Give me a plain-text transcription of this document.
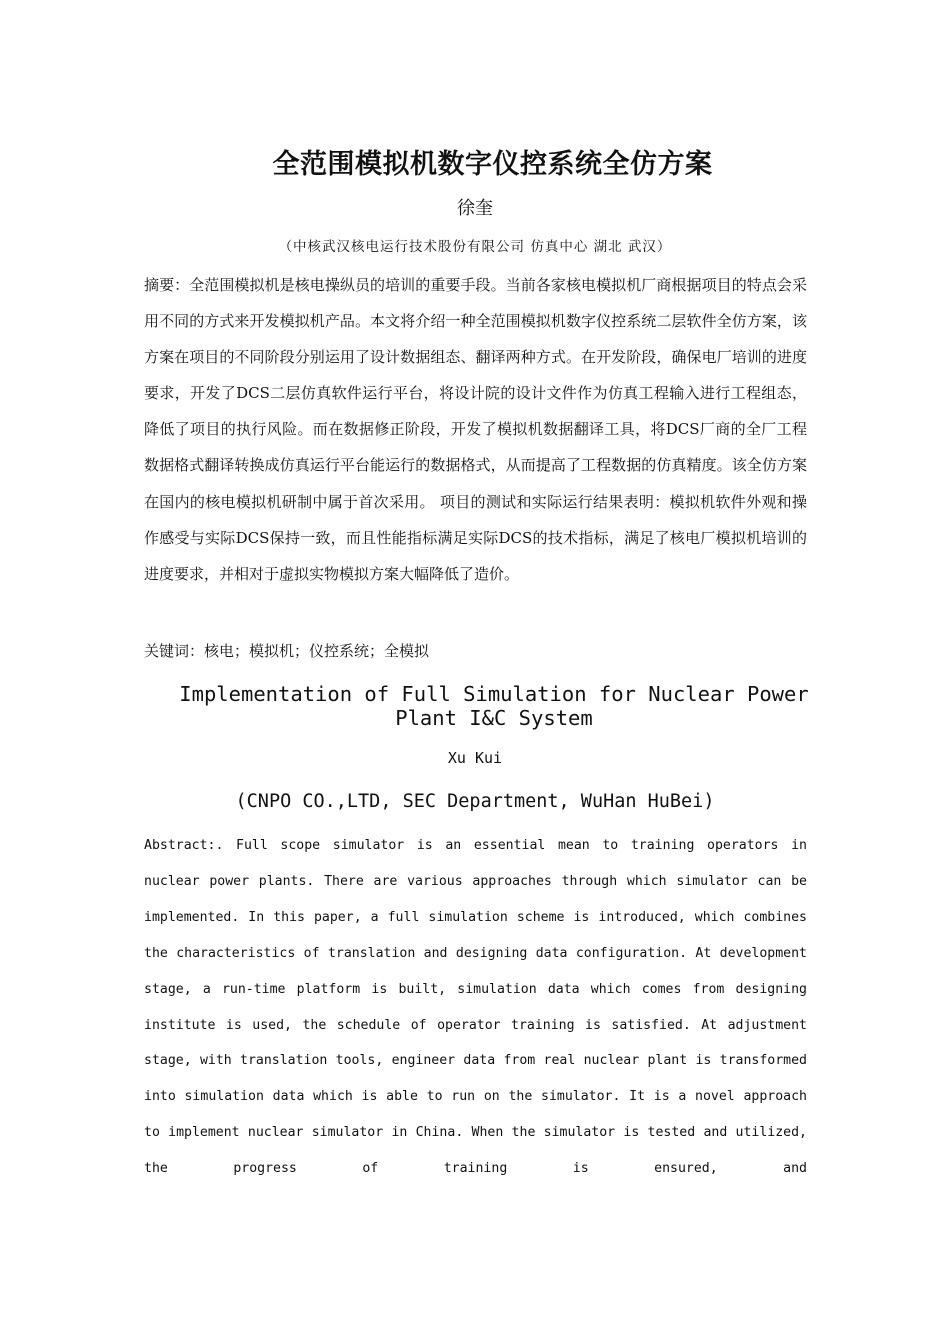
全范围模拟机数字仪控系统全仿方案
徐奎
（中核武汉核电运行技术股份有限公司 仿真中心 湖北 武汉）

摘要：全范围模拟机是核电操纵员的培训的重要手段。当前各家核电模拟机厂商根据项目的特点会采用不同的方式来开发模拟机产品。本文将介绍一种全范围模拟机数字仪控系统二层软件全仿方案，该方案在项目的不同阶段分别运用了设计数据组态、翻译两种方式。在开发阶段，确保电厂培训的进度要求，开发了DCS二层仿真软件运行平台，将设计院的设计文件作为仿真工程输入进行工程组态，降低了项目的执行风险。而在数据修正阶段，开发了模拟机数据翻译工具，将DCS厂商的全厂工程数据格式翻译转换成仿真运行平台能运行的数据格式，从而提高了工程数据的仿真精度。该全仿方案在国内的核电模拟机研制中属于首次采用。 项目的测试和实际运行结果表明：模拟机软件外观和操作感受与实际DCS保持一致，而且性能指标满足实际DCS的技术指标，满足了核电厂模拟机培训的进度要求，并相对于虚拟实物模拟方案大幅降低了造价。

关键词：核电；模拟机；仪控系统；全模拟

Implementation of Full Simulation for Nuclear Power Plant I&C System

Xu Kui
(CNPO CO.,LTD, SEC Department, WuHan HuBei)

Abstract:. Full scope simulator is an essential mean to training operators in nuclear power plants. There are various approaches through which simulator can be implemented. In this paper, a full simulation scheme is introduced, which combines the characteristics of translation and designing data configuration. At development stage, a run-time platform is built, simulation data which comes from designing institute is used, the schedule of operator training is satisfied. At adjustment stage, with translation tools, engineer data from real nuclear plant is transformed into simulation data which is able to run on the simulator. It is a novel approach to implement nuclear simulator in China. When the simulator is tested and utilized, the progress of training is ensured, and
